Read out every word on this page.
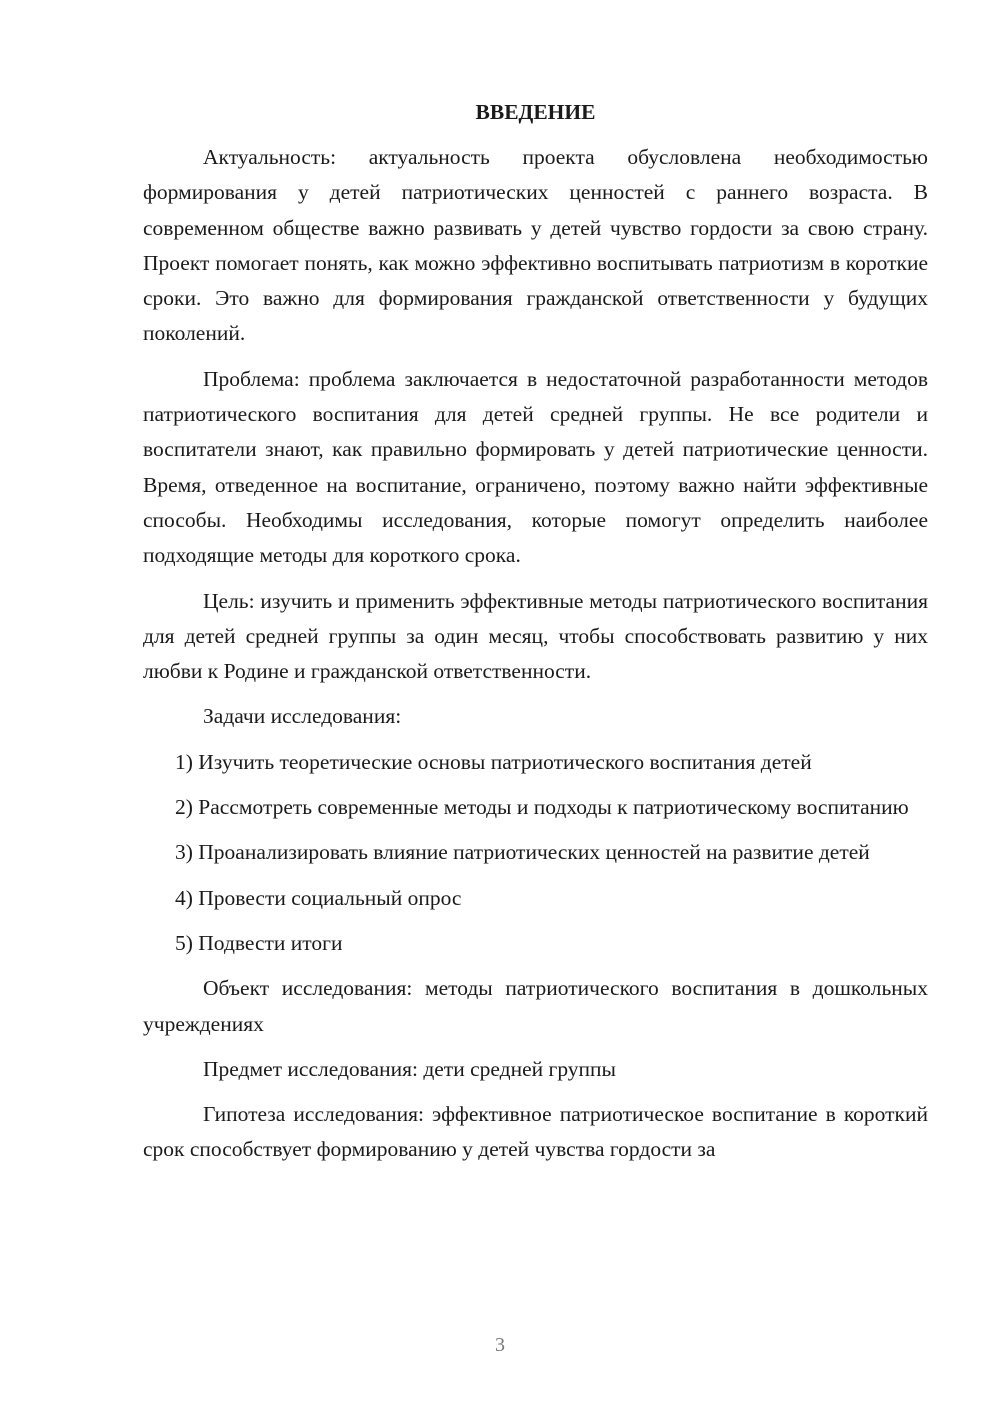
ВВЕДЕНИЕ

Актуальность: актуальность проекта обусловлена необходимостью формирования у детей патриотических ценностей с раннего возраста. В современном обществе важно развивать у детей чувство гордости за свою страну. Проект помогает понять, как можно эффективно воспитывать патриотизм в короткие сроки. Это важно для формирования гражданской ответственности у будущих поколений.

Проблема: проблема заключается в недостаточной разработанности методов патриотического воспитания для детей средней группы. Не все родители и воспитатели знают, как правильно формировать у детей патриотические ценности. Время, отведенное на воспитание, ограничено, поэтому важно найти эффективные способы. Необходимы исследования, которые помогут определить наиболее подходящие методы для короткого срока.

Цель: изучить и применить эффективные методы патриотического воспитания для детей средней группы за один месяц, чтобы способствовать развитию у них любви к Родине и гражданской ответственности.

Задачи исследования:

1) Изучить теоретические основы патриотического воспитания детей

2) Рассмотреть современные методы и подходы к патриотическому воспитанию

3) Проанализировать влияние патриотических ценностей на развитие детей

4) Провести социальный опрос

5) Подвести итоги

Объект исследования: методы патриотического воспитания в дошкольных учреждениях

Предмет исследования: дети средней группы

Гипотеза исследования: эффективное патриотическое воспитание в короткий срок способствует формированию у детей чувства гордости за

3
